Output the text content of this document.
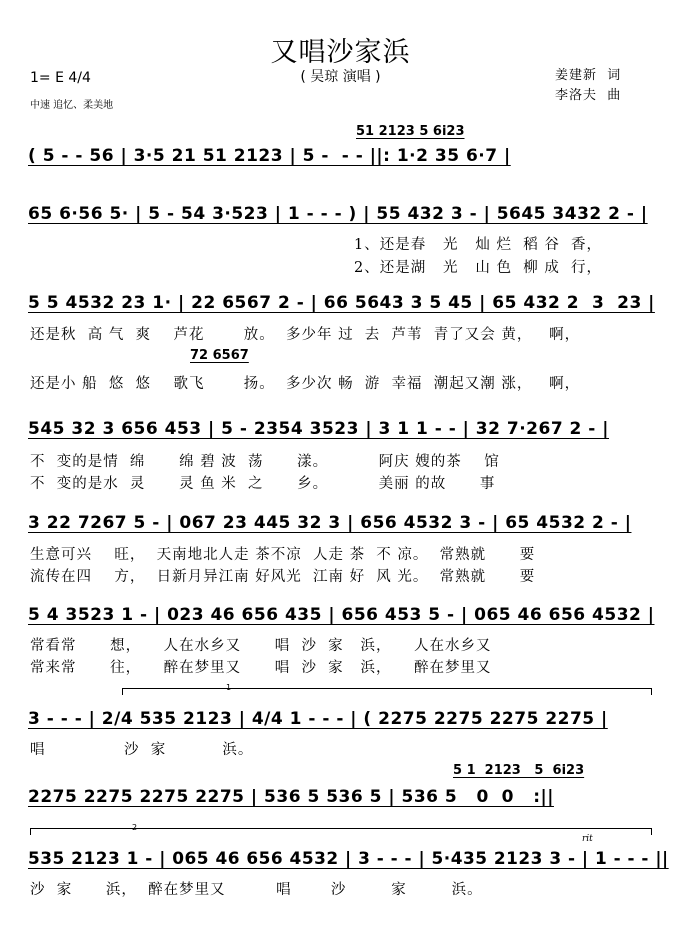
又唱沙家浜
( 吴琼 演唱 )
1= E 4/4
中速 追忆、柔美地
姜建新  词
李洛夫  曲
51 2123 5 6i23
( 5 - - 56 | 3·5 21 51 2123 | 5 -  - - ||: 1·2 35 6·7 |
65 6·56 5· | 5 - 54 3·523 | 1 - - - ) | 55 432 3 - | 5645 3432 2 - |
1、还是春   光   灿 烂  稻 谷  香，
2、还是湖   光   山 色  柳 成  行，
5 5 4532 23 1· | 22 6567 2 - | 66 5643 3 5 45 | 65 432 2  3  23 |
还是秋  高 气  爽    芦花       放。  多少年 过  去  芦苇  青了又会 黄，   啊，
72 6567
还是小 船  悠  悠    歌飞       扬。  多少次 畅  游  幸福  潮起又潮 涨，   啊，
545 32 3 656 453 | 5 - 2354 3523 | 3 1 1 - - | 32 7·267 2 - |
不  变的是情  绵      绵 碧 波  荡      漾。         阿庆 嫂的茶    馆
不  变的是水  灵      灵 鱼 米  之      乡。         美丽 的故      事
3 22 7267 5 - | 067 23 445 32 3 | 656 4532 3 - | 65 4532 2 - |
生意可兴    旺，  天南地北人走 茶不凉  人走 茶  不 凉。  常熟就      要
流传在四    方，  日新月异江南 好风光  江南 好  风 光。  常熟就      要
5 4 3523 1 - | 023 46 656 435 | 656 453 5 - | 065 46 656 4532 |
常看常      想，    人在水乡又      唱  沙  家   浜，    人在水乡又
常来常      往，    醉在梦里又      唱  沙  家   浜，    醉在梦里又
1
3 - - - | 2/4 535 2123 | 4/4 1 - - - | ( 2275 2275 2275 2275 |
唱              沙  家          浜。
5 1  2123   5  6i23
2275 2275 2275 2275 | 536 5 536 5 | 536 5   0  0   :||
2
rit
535 2123 1 - | 065 46 656 4532 | 3 - - - | 5·435 2123 3 - | 1 - - - ||
沙  家      浜，  醉在梦里又         唱       沙        家        浜。
